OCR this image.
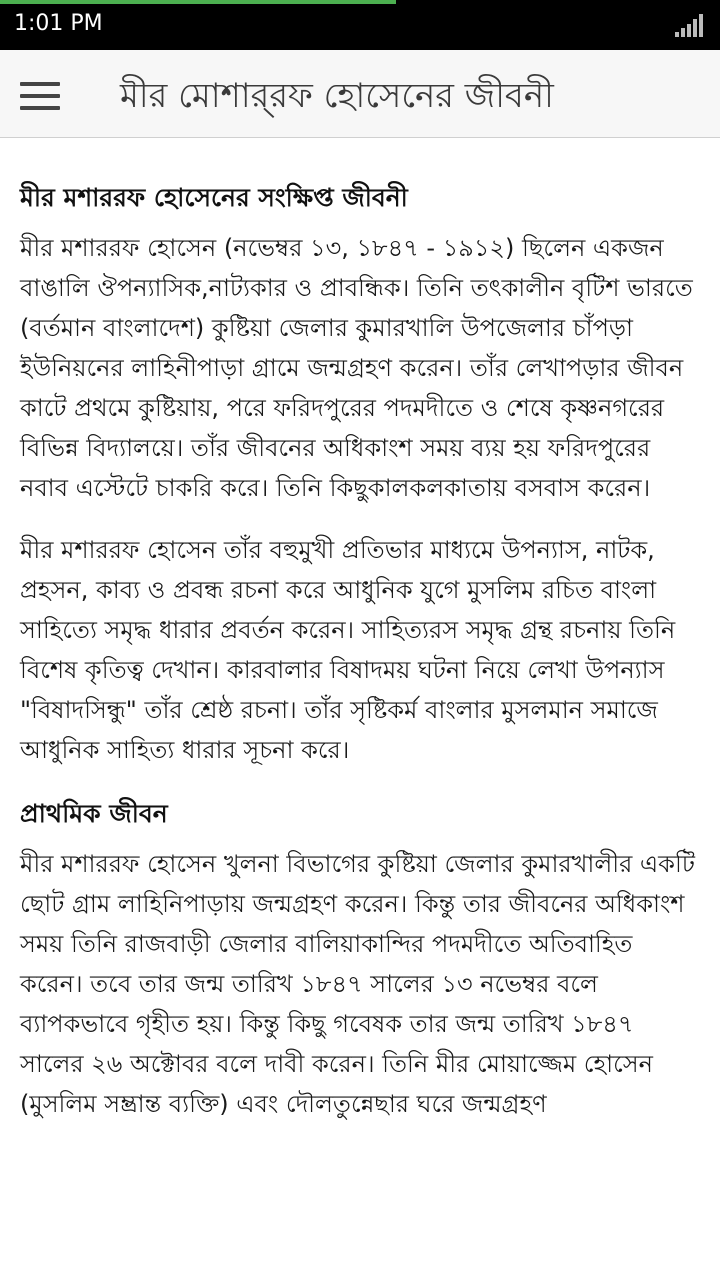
1:01 PM
মীর মোশার্‌রফ হোসেনের জীবনী
মীর মশাররফ হোসেনের সংক্ষিপ্ত জীবনী

মীর মশাররফ হোসেন (নভেম্বর ১৩, ১৮৪৭ - ১৯১২) ছিলেন একজন বাঙালি ঔপন্যাসিক,নাট্যকার ও প্রাবন্ধিক। তিনি তৎকালীন বৃটিশ ভারতে (বর্তমান বাংলাদেশ) কুষ্টিয়া জেলার কুমারখালি উপজেলার চাঁপড়া ইউনিয়নের লাহিনীপাড়া গ্রামে জন্মগ্রহণ করেন। তাঁর লেখাপড়ার জীবন কাটে প্রথমে কুষ্টিয়ায়, পরে ফরিদপুরের পদমদীতে ও শেষে কৃষ্ণনগরের বিভিন্ন বিদ্যালয়ে। তাঁর জীবনের অধিকাংশ সময় ব্যয় হয় ফরিদপুরের নবাব এস্টেটে চাকরি করে। তিনি কিছুকালকলকাতায় বসবাস করেন।

মীর মশাররফ হোসেন তাঁর বহুমুখী প্রতিভার মাধ্যমে উপন্যাস, নাটক, প্রহসন, কাব্য ও প্রবন্ধ রচনা করে আধুনিক যুগে মুসলিম রচিত বাংলা সাহিত্যে সমৃদ্ধ ধারার প্রবর্তন করেন। সাহিত্যরস সমৃদ্ধ গ্রন্থ রচনায় তিনি বিশেষ কৃতিত্ব দেখান। কারবালার বিষাদময় ঘটনা নিয়ে লেখা উপন্যাস "বিষাদসিন্ধু" তাঁর শ্রেষ্ঠ রচনা। তাঁর সৃষ্টিকর্ম বাংলার মুসলমান সমাজে আধুনিক সাহিত্য ধারার সূচনা করে।

প্রাথমিক জীবন

মীর মশাররফ হোসেন খুলনা বিভাগের কুষ্টিয়া জেলার কুমারখালীর একটি ছোট গ্রাম লাহিনিপাড়ায় জন্মগ্রহণ করেন। কিন্তু তার জীবনের অধিকাংশ সময় তিনি রাজবাড়ী জেলার বালিয়াকান্দির পদমদীতে অতিবাহিত করেন। তবে তার জন্ম তারিখ ১৮৪৭ সালের ১৩ নভেম্বর বলে ব্যাপকভাবে গৃহীত হয়। কিন্তু কিছু গবেষক তার জন্ম তারিখ ১৮৪৭ সালের ২৬ অক্টোবর বলে দাবী করেন। তিনি মীর মোয়াজ্জেম হোসেন (মুসলিম সম্ভ্রান্ত ব্যক্তি) এবং দৌলতুন্নেছার ঘরে জন্মগ্রহণ
